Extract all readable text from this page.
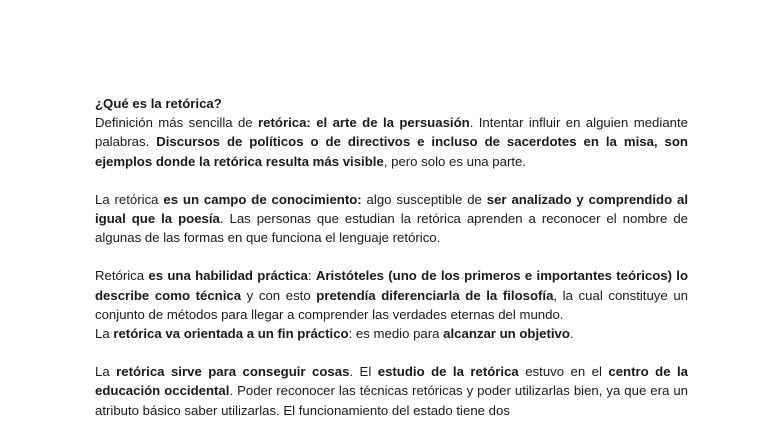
¿Qué es la retórica?

Definición más sencilla de retórica: el arte de la persuasión. Intentar influir en alguien mediante palabras. Discursos de políticos o de directivos e incluso de sacerdotes en la misa, son ejemplos donde la retórica resulta más visible, pero solo es una parte.

La retórica es un campo de conocimiento: algo susceptible de ser analizado y comprendido al igual que la poesía. Las personas que estudian la retórica aprenden a reconocer el nombre de algunas de las formas en que funciona el lenguaje retórico.

Retórica es una habilidad práctica: Aristóteles (uno de los primeros e importantes teóricos) lo describe como técnica y con esto pretendía diferenciarla de la filosofía, la cual constituye un conjunto de métodos para llegar a comprender las verdades eternas del mundo.

La retórica va orientada a un fin práctico: es medio para alcanzar un objetivo.

La retórica sirve para conseguir cosas. El estudio de la retórica estuvo en el centro de la educación occidental. Poder reconocer las técnicas retóricas y poder utilizarlas bien, ya que era un atributo básico saber utilizarlas. El funcionamiento del estado tiene dos
